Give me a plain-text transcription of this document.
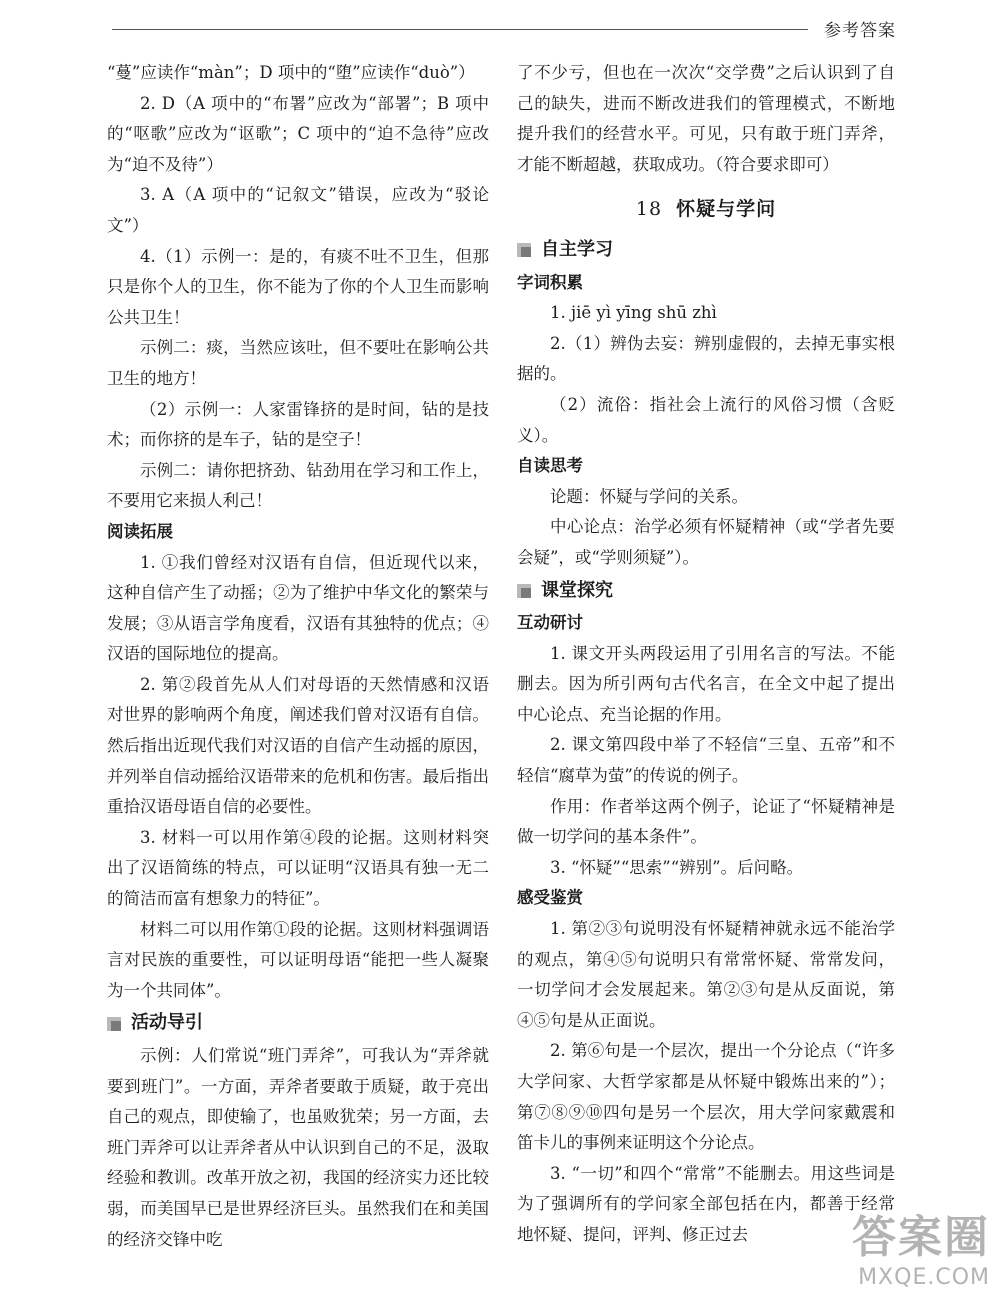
参考答案

“蔓”应读作“màn”；D 项中的“堕”应读作“duò”）

2. D（A 项中的“布署”应改为“部署”；B 项中的“呕歌”应改为“讴歌”；C 项中的“迫不急待”应改为“迫不及待”）

3. A（A 项中的“记叙文”错误，应改为“驳论文”）

4.（1）示例一：是的，有痰不吐不卫生，但那只是你个人的卫生，你不能为了你的个人卫生而影响公共卫生！

示例二：痰，当然应该吐，但不要吐在影响公共卫生的地方！

（2）示例一：人家雷锋挤的是时间，钻的是技术；而你挤的是车子，钻的是空子！

示例二：请你把挤劲、钻劲用在学习和工作上，不要用它来损人利己！

阅读拓展

1. ①我们曾经对汉语有自信，但近现代以来，这种自信产生了动摇；②为了维护中华文化的繁荣与发展；③从语言学角度看，汉语有其独特的优点；④汉语的国际地位的提高。

2. 第②段首先从人们对母语的天然情感和汉语对世界的影响两个角度，阐述我们曾对汉语有自信。然后指出近现代我们对汉语的自信产生动摇的原因，并列举自信动摇给汉语带来的危机和伤害。最后指出重拾汉语母语自信的必要性。

3. 材料一可以用作第④段的论据。这则材料突出了汉语简练的特点，可以证明“汉语具有独一无二的简洁而富有想象力的特征”。

材料二可以用作第①段的论据。这则材料强调语言对民族的重要性，可以证明母语“能把一些人凝聚为一个共同体”。

活动导引

示例：人们常说“班门弄斧”，可我认为“弄斧就要到班门”。一方面，弄斧者要敢于质疑，敢于亮出自己的观点，即使输了，也虽败犹荣；另一方面，去班门弄斧可以让弄斧者从中认识到自己的不足，汲取经验和教训。改革开放之初，我国的经济实力还比较弱，而美国早已是世界经济巨头。虽然我们在和美国的经济交锋中吃

了不少亏，但也在一次次“交学费”之后认识到了自己的缺失，进而不断改进我们的管理模式，不断地提升我们的经营水平。可见，只有敢于班门弄斧，才能不断超越，获取成功。（符合要求即可）

18 怀疑与学问
自主学习

字词积累

1. jiē yì yīng shū zhì

2.（1）辨伪去妄：辨别虚假的，去掉无事实根据的。

（2）流俗：指社会上流行的风俗习惯（含贬义）。

自读思考

论题：怀疑与学问的关系。

中心论点：治学必须有怀疑精神（或“学者先要会疑”，或“学则须疑”）。

课堂探究

互动研讨

1. 课文开头两段运用了引用名言的写法。不能删去。因为所引两句古代名言，在全文中起了提出中心论点、充当论据的作用。

2. 课文第四段中举了不轻信“三皇、五帝”和不轻信“腐草为萤”的传说的例子。

作用：作者举这两个例子，论证了“怀疑精神是做一切学问的基本条件”。

3. “怀疑”“思索”“辨别”。后问略。

感受鉴赏

1. 第②③句说明没有怀疑精神就永远不能治学的观点，第④⑤句说明只有常常怀疑、常常发问，一切学问才会发展起来。第②③句是从反面说，第④⑤句是从正面说。

2. 第⑥句是一个层次，提出一个分论点（“许多大学问家、大哲学家都是从怀疑中锻炼出来的”）；第⑦⑧⑨⑩四句是另一个层次，用大学问家戴震和笛卡儿的事例来证明这个分论点。

3. “一切”和四个“常常”不能删去。用这些词是为了强调所有的学问家全部包括在内，都善于经常地怀疑、提问，评判、修正过去	答案圈
MXQE.COM
